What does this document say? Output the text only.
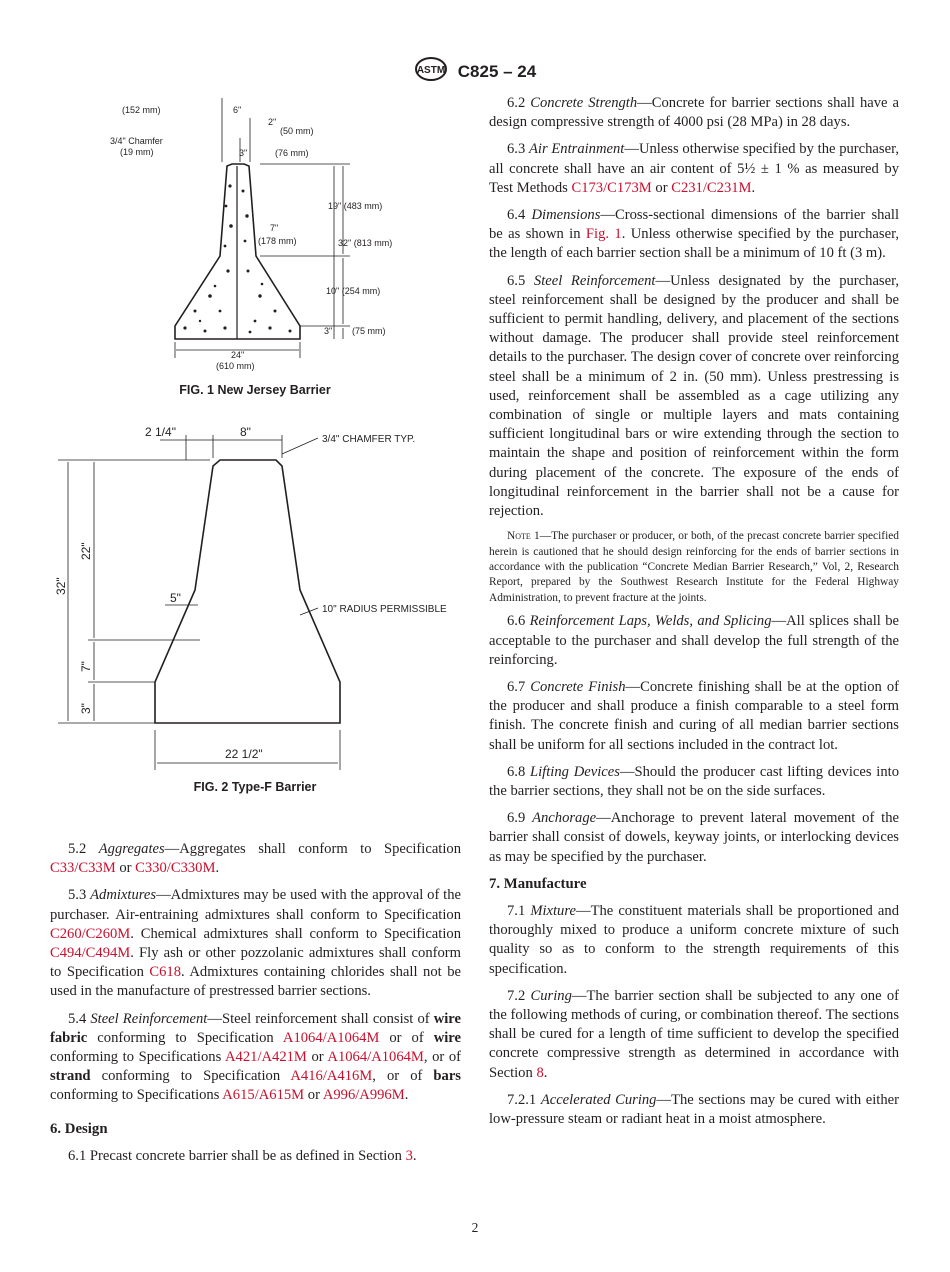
ASTM C825 – 24
(152 mm)	6"
2"
(50 mm)
3/4" Chamfer
(19 mm)	3"	(76 mm)
7"
(178 mm)
19" (483 mm)
32" (813 mm)
10" (254 mm)
3" (75 mm)
24"
(610 mm)
FIG. 1 New Jersey Barrier
2 1/4"	8"
3/4" CHAMFER TYP.
32"
22"
5"
10" RADIUS PERMISSIBLE
7"
3"
22 1/2"
FIG. 2 Type-F Barrier

5.2 Aggregates—Aggregates shall conform to Specification C33/C33M or C330/C330M.

5.3 Admixtures—Admixtures may be used with the approval of the purchaser. Air-entraining admixtures shall conform to Specification C260/C260M. Chemical admixtures shall conform to Specification C494/C494M. Fly ash or other pozzolanic admixtures shall conform to Specification C618. Admixtures containing chlorides shall not be used in the manufacture of prestressed barrier sections.

5.4 Steel Reinforcement—Steel reinforcement shall consist of wire fabric conforming to Specification A1064/A1064M or of wire conforming to Specifications A421/A421M or A1064/A1064M, or of strand conforming to Specification A416/A416M, or of bars conforming to Specifications A615/A615M or A996/A996M.

6. Design

6.1 Precast concrete barrier shall be as defined in Section 3.

6.2 Concrete Strength—Concrete for barrier sections shall have a design compressive strength of 4000 psi (28 MPa) in 28 days.

6.3 Air Entrainment—Unless otherwise specified by the purchaser, all concrete shall have an air content of 5½ ± 1 % as measured by Test Methods C173/C173M or C231/C231M.

6.4 Dimensions—Cross-sectional dimensions of the barrier shall be as shown in Fig. 1. Unless otherwise specified by the purchaser, the length of each barrier section shall be a minimum of 10 ft (3 m).

6.5 Steel Reinforcement—Unless designated by the purchaser, steel reinforcement shall be designed by the producer and shall be sufficient to permit handling, delivery, and placement of the sections without damage. The producer shall provide steel reinforcement details to the purchaser. The design cover of concrete over reinforcing steel shall be a minimum of 2 in. (50 mm). Unless prestressing is used, reinforcement shall be assembled as a cage utilizing any combination of single or multiple layers and mats containing sufficient longitudinal bars or wire extending through the section to maintain the shape and position of reinforcement within the form during placement of the concrete. The exposure of the ends of longitudinal reinforcement in the barrier shall not be a cause for rejection.

Note 1—The purchaser or producer, or both, of the precast concrete barrier specified herein is cautioned that he should design reinforcing for the ends of barrier sections in accordance with the publication “Concrete Median Barrier Research,” Vol, 2, Research Report, prepared by the Southwest Research Institute for the Federal Highway Administration, to prevent fracture at the joints.

6.6 Reinforcement Laps, Welds, and Splicing—All splices shall be acceptable to the purchaser and shall develop the full strength of the reinforcing.

6.7 Concrete Finish—Concrete finishing shall be at the option of the producer and shall produce a finish comparable to a steel form finish. The concrete finish and curing of all median barrier sections shall be uniform for all sections included in the contract lot.

6.8 Lifting Devices—Should the producer cast lifting devices into the barrier sections, they shall not be on the side surfaces.

6.9 Anchorage—Anchorage to prevent lateral movement of the barrier shall consist of dowels, keyway joints, or interlocking devices as may be specified by the purchaser.

7. Manufacture

7.1 Mixture—The constituent materials shall be proportioned and thoroughly mixed to produce a uniform concrete mixture of such quality so as to conform to the strength requirements of this specification.

7.2 Curing—The barrier section shall be subjected to any one of the following methods of curing, or combination thereof. The sections shall be cured for a length of time sufficient to develop the specified concrete compressive strength as determined in accordance with Section 8.

7.2.1 Accelerated Curing—The sections may be cured with either low-pressure steam or radiant heat in a moist atmosphere.

2
